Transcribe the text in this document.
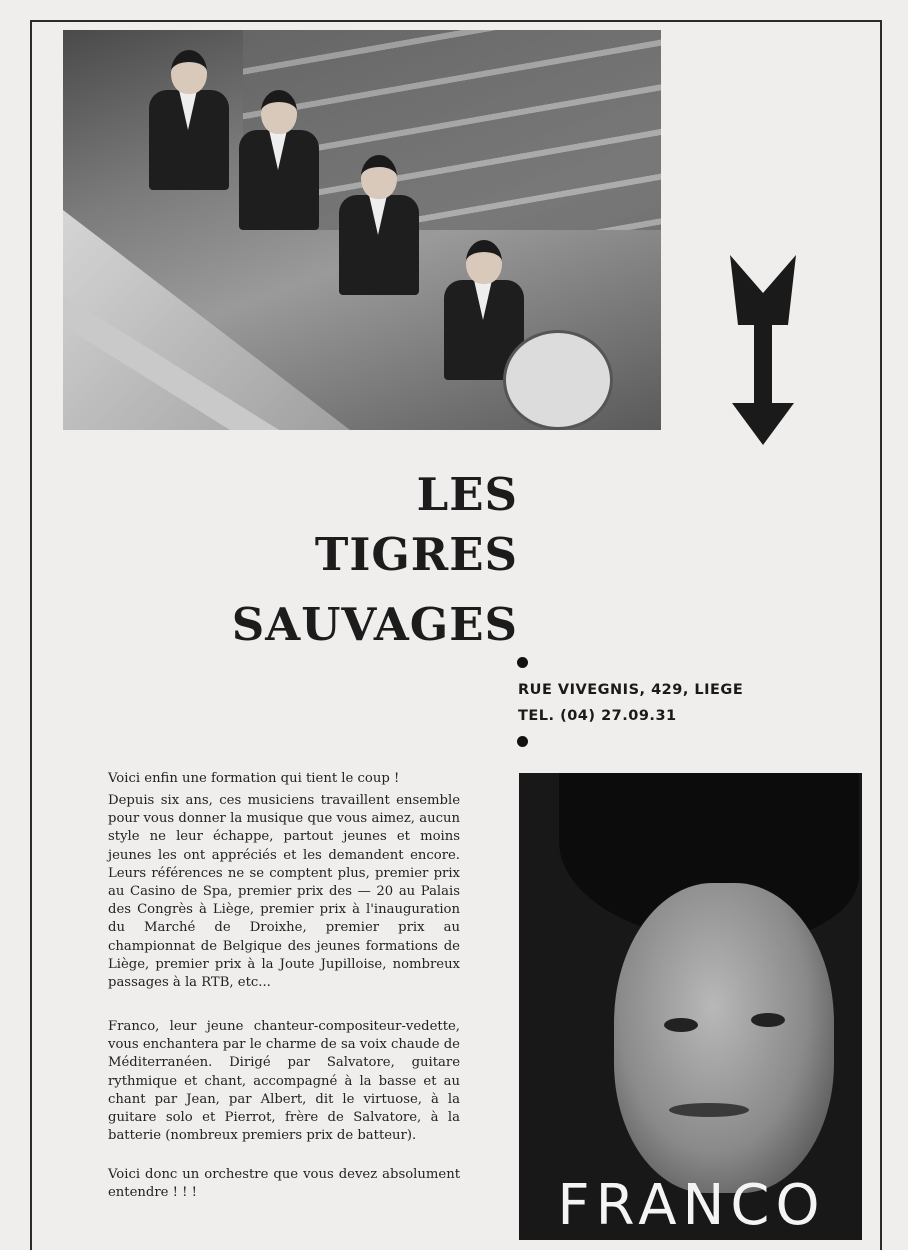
LES
TIGRES
SAUVAGES
RUE VIVEGNIS, 429, LIEGE
TEL. (04) 27.09.31

Voici enfin une formation qui tient le coup !

Depuis six ans, ces musiciens travaillent ensemble pour vous donner la musique que vous aimez, aucun style ne leur échappe, partout jeunes et moins jeunes les ont appréciés et les demandent encore. Leurs références ne se comptent plus, premier prix au Casino de Spa, premier prix des — 20 au Palais des Congrès à Liège, premier prix à l'inauguration du Marché de Droixhe, premier prix au championnat de Belgique des jeunes formations de Liège, premier prix à la Joute Jupilloise, nombreux passages à la RTB, etc...

Franco, leur jeune chanteur-compositeur-vedette, vous enchantera par le charme de sa voix chaude de Méditerranéen. Dirigé par Salvatore, guitare rythmique et chant, accompagné à la basse et au chant par Jean, par Albert, dit le virtuose, à la guitare solo et Pierrot, frère de Salvatore, à la batterie (nombreux premiers prix de batteur).

Voici donc un orchestre que vous devez absolument entendre ! ! !	FRANCO
